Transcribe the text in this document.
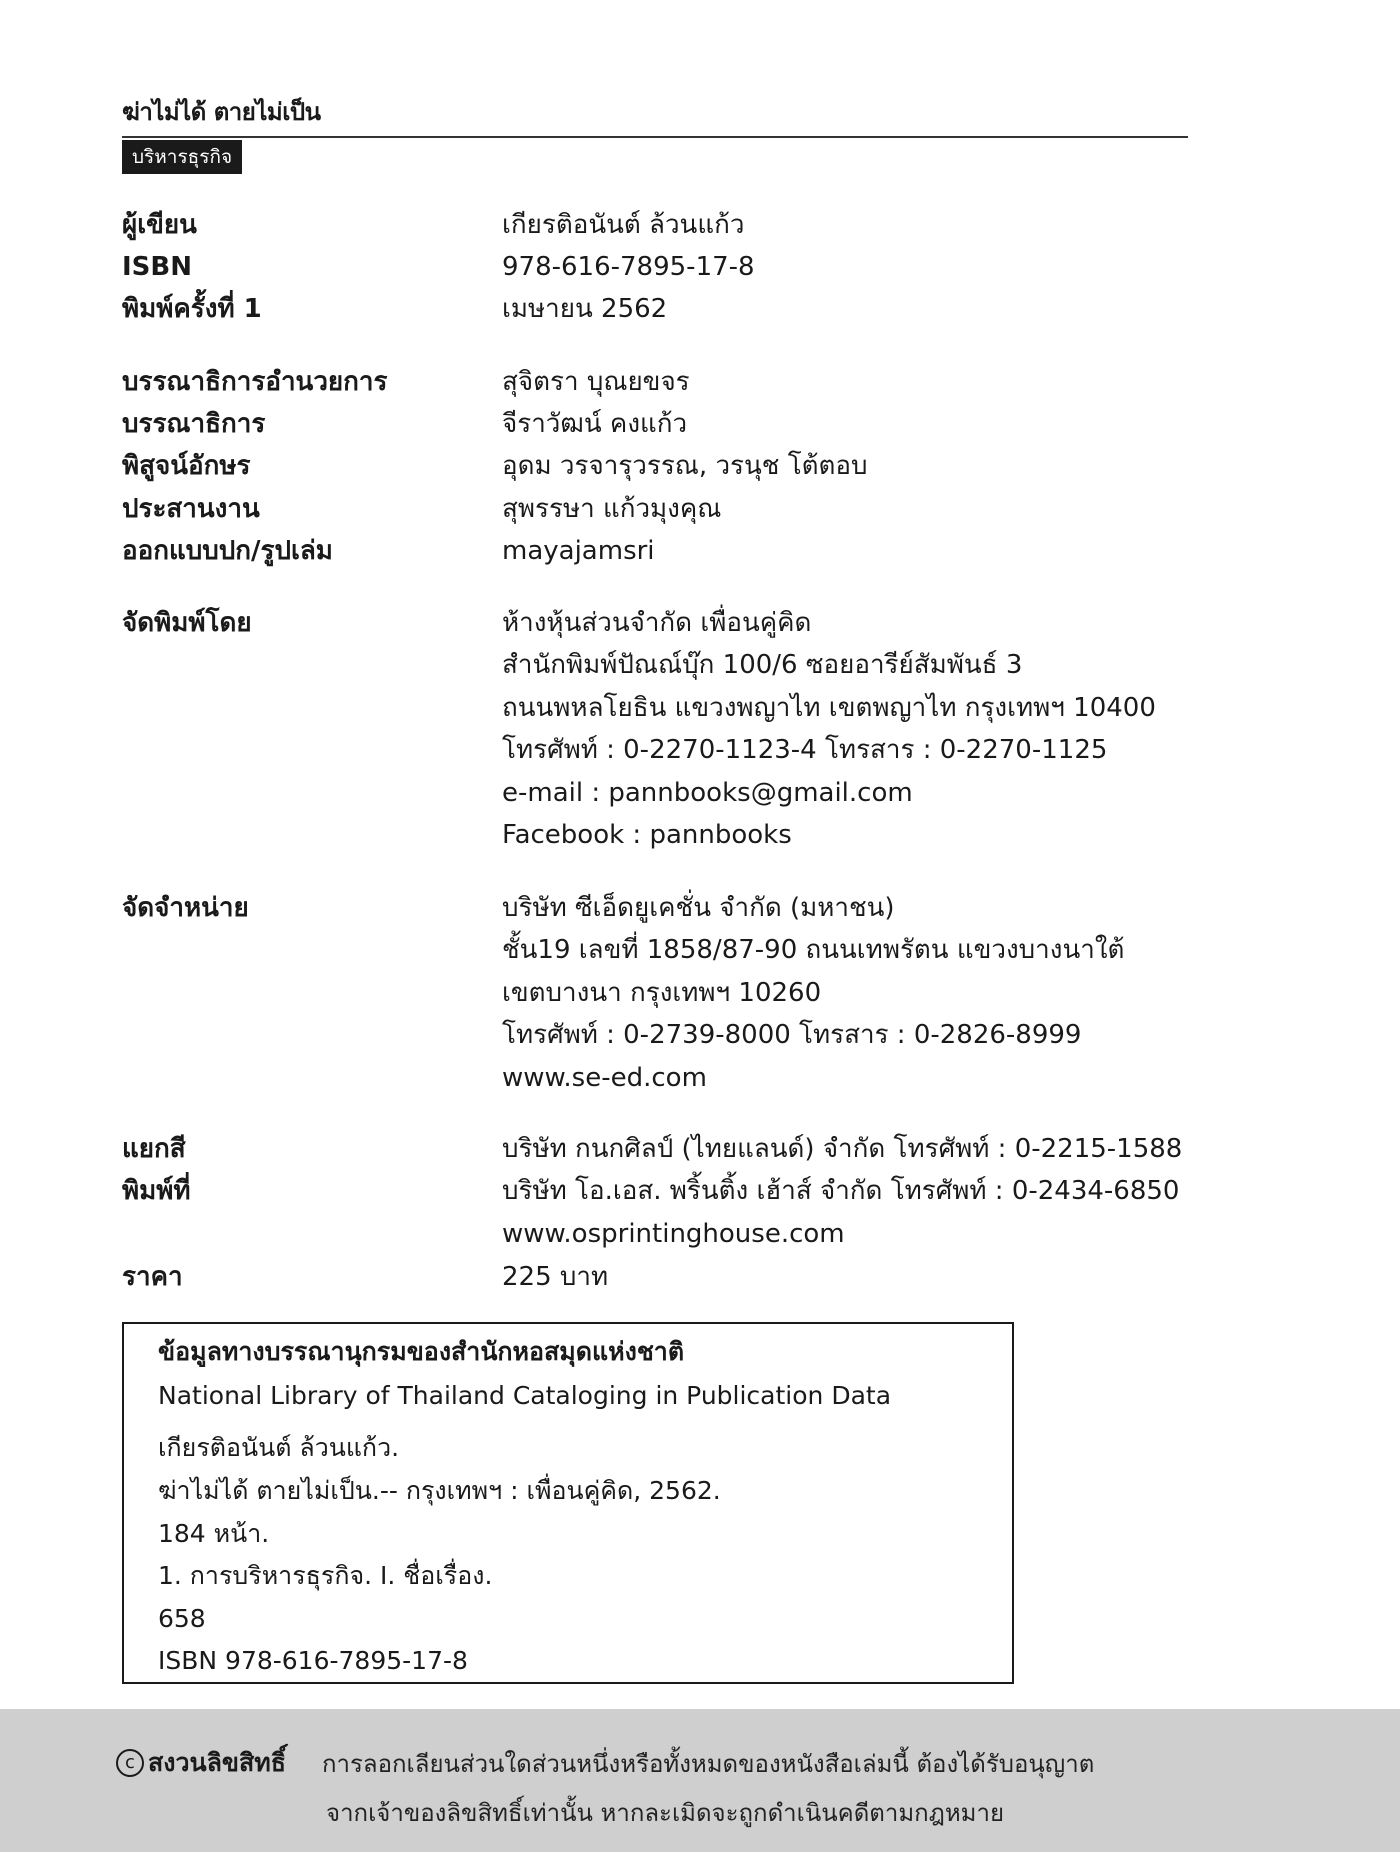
ฆ่าไม่ได้ ตายไม่เป็น
บริหารธุรกิจ
ผู้เขียน	เกียรติอนันต์ ล้วนแก้ว
ISBN	978-616-7895-17-8
พิมพ์ครั้งที่ 1	เมษายน 2562
บรรณาธิการอำนวยการ	สุจิตรา บุณยขจร
บรรณาธิการ	จีราวัฒน์ คงแก้ว
พิสูจน์อักษร	อุดม วรจารุวรรณ, วรนุช โต้ตอบ
ประสานงาน	สุพรรษา แก้วมุงคุณ
ออกแบบปก/รูปเล่ม	mayajamsri
จัดพิมพ์โดย	ห้างหุ้นส่วนจำกัด เพื่อนคู่คิด
สำนักพิมพ์ปัณณ์บุ๊ก 100/6 ซอยอารีย์สัมพันธ์ 3
ถนนพหลโยธิน แขวงพญาไท เขตพญาไท กรุงเทพฯ 10400
โทรศัพท์ : 0-2270-1123-4 โทรสาร : 0-2270-1125
e-mail : pannbooks@gmail.com
Facebook : pannbooks
จัดจำหน่าย	บริษัท ซีเอ็ดยูเคชั่น จำกัด (มหาชน)
ชั้น19 เลขที่ 1858/87-90 ถนนเทพรัตน แขวงบางนาใต้
เขตบางนา กรุงเทพฯ 10260
โทรศัพท์ : 0-2739-8000 โทรสาร : 0-2826-8999
www.se-ed.com
แยกสี	บริษัท กนกศิลป์ (ไทยแลนด์) จำกัด โทรศัพท์ : 0-2215-1588
พิมพ์ที่	บริษัท โอ.เอส. พริ้นติ้ง เฮ้าส์ จำกัด โทรศัพท์ : 0-2434-6850
www.osprintinghouse.com
ราคา	225 บาท
ข้อมูลทางบรรณานุกรมของสำนักหอสมุดแห่งชาติ
National Library of Thailand Cataloging in Publication Data
เกียรติอนันต์ ล้วนแก้ว.
ฆ่าไม่ได้ ตายไม่เป็น.-- กรุงเทพฯ : เพื่อนคู่คิด, 2562.
184 หน้า.
1. การบริหารธุรกิจ. I. ชื่อเรื่อง.
658
ISBN 978-616-7895-17-8
c สงวนลิขสิทธิ์ การลอกเลียนส่วนใดส่วนหนึ่งหรือทั้งหมดของหนังสือเล่มนี้ ต้องได้รับอนุญาต
จากเจ้าของลิขสิทธิ์เท่านั้น หากละเมิดจะถูกดำเนินคดีตามกฎหมาย
